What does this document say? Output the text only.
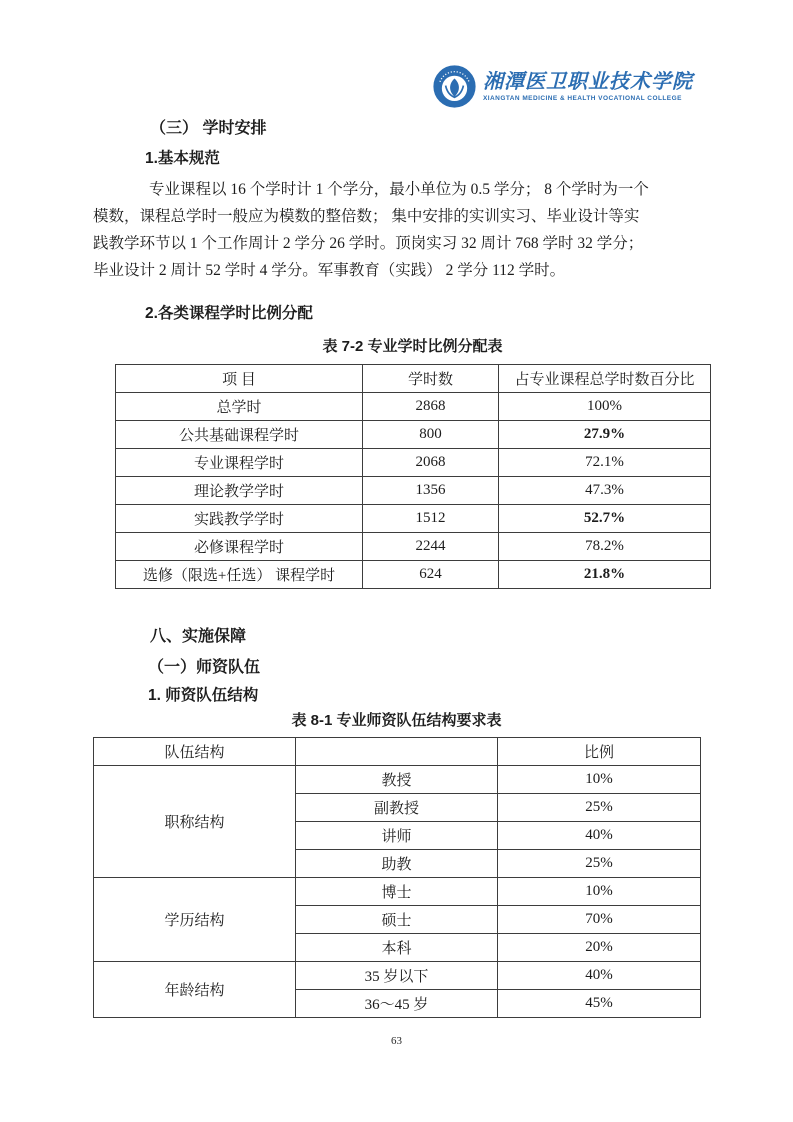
湘潭医卫职业技术学院
XIANGTAN MEDICINE & HEALTH VOCATIONAL COLLEGE
（三） 学时安排
1.基本规范
专业课程以 16 个学时计 1 个学分，最小单位为 0.5 学分； 8 个学时为一个
模数，课程总学时一般应为模数的整倍数； 集中安排的实训实习、毕业设计等实
践教学环节以 1 个工作周计 2 学分 26 学时。顶岗实习 32 周计 768 学时 32 学分；
毕业设计 2 周计 52 学时 4 学分。军事教育（实践） 2 学分 112 学时。
2.各类课程学时比例分配
表 7-2 专业学时比例分配表
项 目	学时数	占专业课程总学时数百分比
总学时	2868	100%
公共基础课程学时	800	27.9%
专业课程学时	2068	72.1%
理论教学学时	1356	47.3%
实践教学学时	1512	52.7%
必修课程学时	2244	78.2%
选修（限选+任选） 课程学时	624	21.8%
八、实施保障
（一）师资队伍
1. 师资队伍结构
表 8-1 专业师资队伍结构要求表
队伍结构		比例
职称结构	教授	10%
	副教授	25%
	讲师	40%
	助教	25%
学历结构	博士	10%
	硕士	70%
	本科	20%
年龄结构	35 岁以下	40%
	36～45 岁	45%
63
